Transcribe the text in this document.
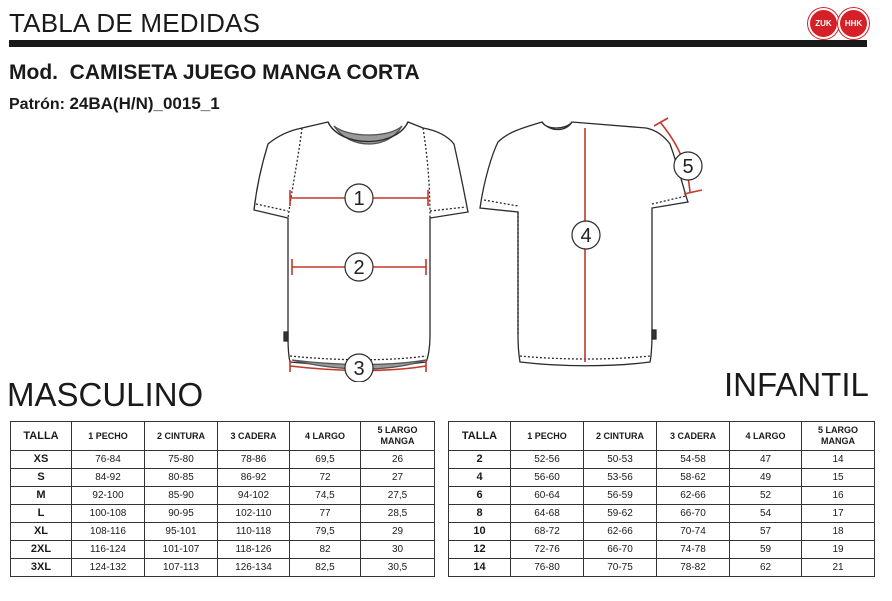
TABLA DE MEDIDAS	ZUK	HHK
Mod. CAMISETA JUEGO MANGA CORTA
Patrón: 24BA(H/N)_0015_1
1
2
3
4
5
MASCULINO	INFANTIL
TALLA	1 PECHO	2 CINTURA	3 CADERA	4 LARGO	5 LARGO MANGA
XS	76-84	75-80	78-86	69,5	26
S	84-92	80-85	86-92	72	27
M	92-100	85-90	94-102	74,5	27,5
L	100-108	90-95	102-110	77	28,5
XL	108-116	95-101	110-118	79,5	29
2XL	116-124	101-107	118-126	82	30
3XL	124-132	107-113	126-134	82,5	30,5
TALLA	1 PECHO	2 CINTURA	3 CADERA	4 LARGO	5 LARGO MANGA
2	52-56	50-53	54-58	47	14
4	56-60	53-56	58-62	49	15
6	60-64	56-59	62-66	52	16
8	64-68	59-62	66-70	54	17
10	68-72	62-66	70-74	57	18
12	72-76	66-70	74-78	59	19
14	76-80	70-75	78-82	62	21
